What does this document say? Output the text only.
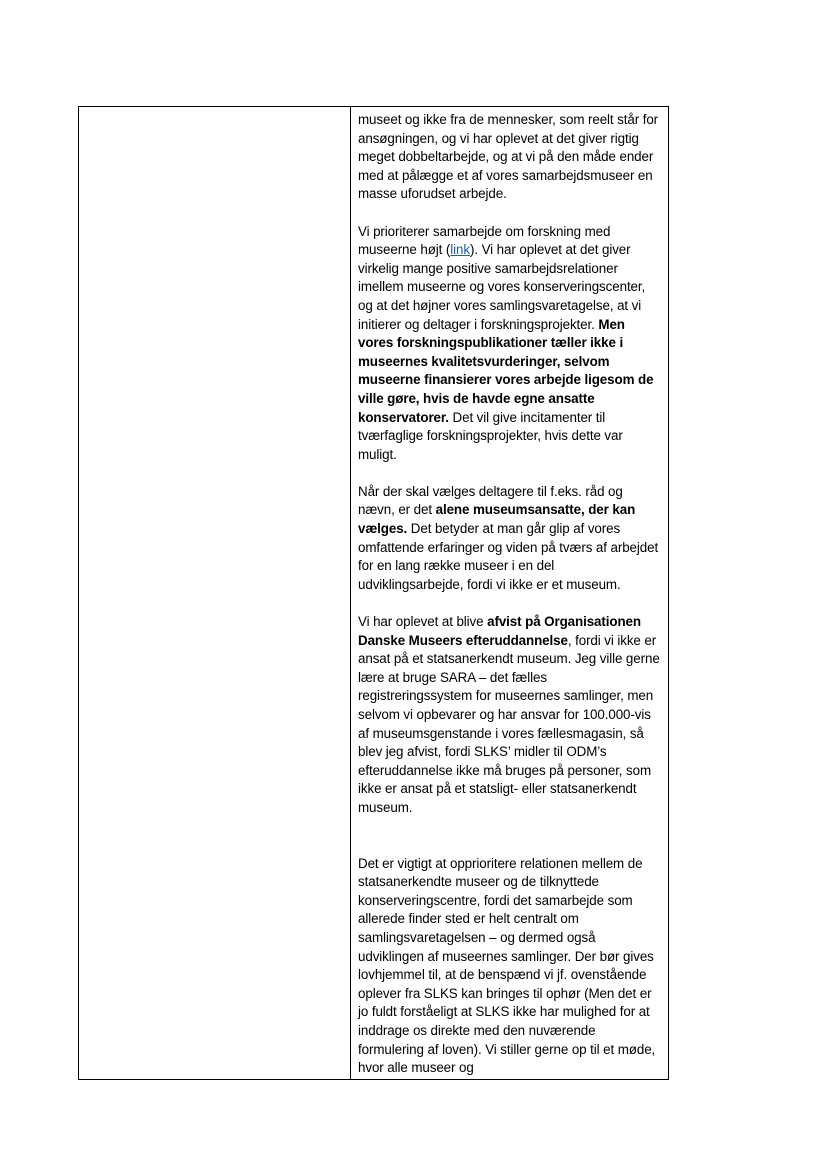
museet og ikke fra de mennesker, som reelt står for ansøgningen, og vi har oplevet at det giver rigtig meget dobbeltarbejde, og at vi på den måde ender med at pålægge et af vores samarbejdsmuseer en masse uforudset arbejde.

Vi prioriterer samarbejde om forskning med museerne højt (link). Vi har oplevet at det giver virkelig mange positive samarbejdsrelationer imellem museerne og vores konserveringscenter, og at det højner vores samlingsvaretagelse, at vi initierer og deltager i forskningsprojekter. Men vores forskningspublikationer tæller ikke i museernes kvalitetsvurderinger, selvom museerne finansierer vores arbejde ligesom de ville gøre, hvis de havde egne ansatte konservatorer. Det vil give incitamenter til tværfaglige forskningsprojekter, hvis dette var muligt.

Når der skal vælges deltagere til f.eks. råd og nævn, er det alene museumsansatte, der kan vælges. Det betyder at man går glip af vores omfattende erfaringer og viden på tværs af arbejdet for en lang række museer i en del udviklingsarbejde, fordi vi ikke er et museum.

Vi har oplevet at blive afvist på Organisationen Danske Museers efteruddannelse, fordi vi ikke er ansat på et statsanerkendt museum. Jeg ville gerne lære at bruge SARA – det fælles registreringssystem for museernes samlinger, men selvom vi opbevarer og har ansvar for 100.000-vis af museumsgenstande i vores fællesmagasin, så blev jeg afvist, fordi SLKS’ midler til ODM’s efteruddannelse ikke må bruges på personer, som ikke er ansat på et statsligt- eller statsanerkendt museum.

Det er vigtigt at opprioritere relationen mellem de statsanerkendte museer og de tilknyttede konserveringscentre, fordi det samarbejde som allerede finder sted er helt centralt om samlingsvaretagelsen – og dermed også udviklingen af museernes samlinger. Der bør gives lovhjemmel til, at de benspænd vi jf. ovenstående oplever fra SLKS kan bringes til ophør (Men det er jo fuldt forståeligt at SLKS ikke har mulighed for at inddrage os direkte med den nuværende formulering af loven). Vi stiller gerne op til et møde, hvor alle museer og
